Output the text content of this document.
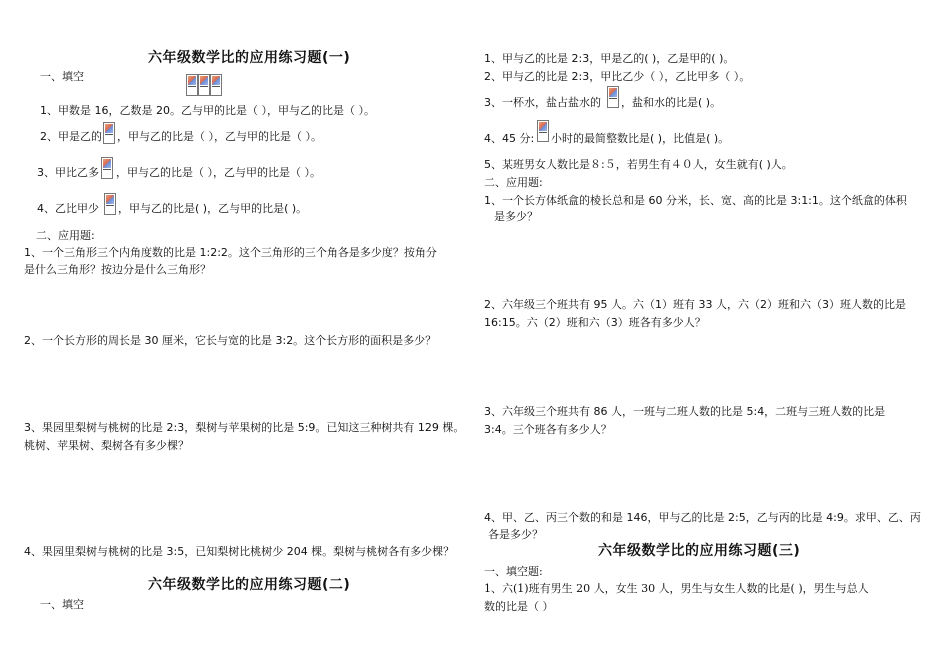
六年级数学比的应用练习题(一)
一、填空
1、甲数是 16，乙数是 20。乙与甲的比是（ ），甲与乙的比是（ ）。
2、甲是乙的 ，甲与乙的比是（ ），乙与甲的比是（ ）。
3、甲比乙多 ，甲与乙的比是（ ），乙与甲的比是（ ）。
4、乙比甲少 ，甲与乙的比是( )，乙与甲的比是( )。
二、应用题:
1、一个三角形三个内角度数的比是 1:2:2。这个三角形的三个角各是多少度？按角分
是什么三角形？按边分是什么三角形？
2、一个长方形的周长是 30 厘米，它长与宽的比是 3:2。这个长方形的面积是多少？
3、果园里梨树与桃树的比是 2:3，梨树与苹果树的比是 5:9。已知这三种树共有 129 棵。
桃树、苹果树、梨树各有多少棵？
4、果园里梨树与桃树的比是 3:5，已知梨树比桃树少 204 棵。梨树与桃树各有多少棵？
六年级数学比的应用练习题(二)
一、填空
1、甲与乙的比是 2:3，甲是乙的( )，乙是甲的( )。
2、甲与乙的比是 2:3，甲比乙少（ ），乙比甲多（ ）。
3、一杯水，盐占盐水的 ，盐和水的比是( )。
4、45 分: 小时的最简整数比是( )，比值是( )。
5、某班男女人数比是８:５，若男生有４０人，女生就有( )人。
二、应用题:
1、一个长方体纸盒的棱长总和是 60 分米，长、宽、高的比是 3:1:1。这个纸盒的体积
是多少？
2、六年级三个班共有 95 人。六（1）班有 33 人，六（2）班和六（3）班人数的比是
16:15。六（2）班和六（3）班各有多少人？
3、六年级三个班共有 86 人，一班与二班人数的比是 5:4，二班与三班人数的比是
3:4。三个班各有多少人？
4、甲、乙、丙三个数的和是 146，甲与乙的比是 2:5，乙与丙的比是 4:9。求甲、乙、丙
各是多少？
六年级数学比的应用练习题(三)
一、填空题:
1、六(1)班有男生 20 人，女生 30 人，男生与女生人数的比是( )，男生与总人
数的比是（ ）
